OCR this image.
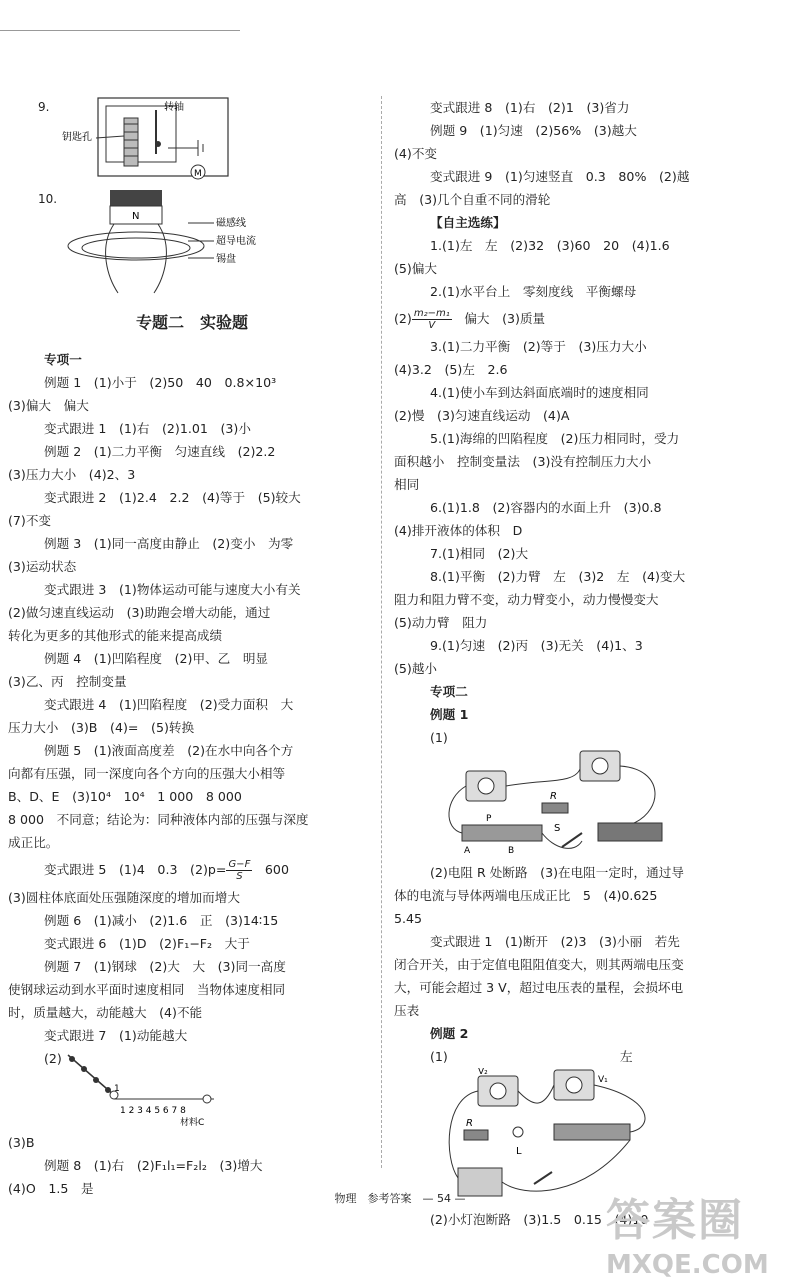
9.
M
钥匙孔
转轴
10.
N
磁感线
超导电流
锡盘
专题二　实验题
专项一
例题 1　(1)小于　(2)50　40　0.8×10³
(3)偏大　偏大
变式跟进 1　(1)右　(2)1.01　(3)小
例题 2　(1)二力平衡　匀速直线　(2)2.2
(3)压力大小　(4)2、3
变式跟进 2　(1)2.4　2.2　(4)等于　(5)较大
(7)不变
例题 3　(1)同一高度由静止　(2)变小　为零
(3)运动状态
变式跟进 3　(1)物体运动可能与速度大小有关
(2)做匀速直线运动　(3)助跑会增大动能，通过
转化为更多的其他形式的能来提高成绩
例题 4　(1)凹陷程度　(2)甲、乙　明显
(3)乙、丙　控制变量
变式跟进 4　(1)凹陷程度　(2)受力面积　大
压力大小　(3)B　(4)=　(5)转换
例题 5　(1)液面高度差　(2)在水中向各个方
向都有压强，同一深度向各个方向的压强大小相等
B、D、E　(3)10⁴　10⁴　1 000　8 000
8 000　不同意；结论为：同种液体内部的压强与深度
成正比。
变式跟进 5　(1)4　0.3　$(2)p= \frac{G-F}{S}$ 　600
(3)圆柱体底面处压强随深度的增加而增大
例题 6　(1)减小　(2)1.6　正　(3)14∶15
变式跟进 6　(1)D　(2)F₁−F₂　大于
例题 7　(1)钢球　(2)大　大　(3)同一高度
使钢球运动到水平面时速度相同　当物体速度相同
时，质量越大，动能越大　(4)不能
变式跟进 7　(1)动能越大
(2)
1
1 2 3 4 5 6 7 8
材料C
(3)B
例题 8　(1)右　(2)F₁l₁=F₂l₂　(3)增大
(4)O　1.5　是
变式跟进 8　(1)右　(2)1　(3)省力
例题 9　(1)匀速　(2)56%　(3)越大
(4)不变
变式跟进 9　(1)匀速竖直　0.3　80%　(2)越
高　(3)几个自重不同的滑轮
【自主选练】
1.(1)左　左　(2)32　(3)60　20　(4)1.6
(5)偏大
2.(1)水平台上　零刻度线　平衡螺母
$(2) \frac{\text{m₂−m₁}}{V}$ 　偏大　(3)质量
3.(1)二力平衡　(2)等于　(3)压力大小
(4)3.2　(5)左　2.6
4.(1)使小车到达斜面底端时的速度相同
(2)慢　(3)匀速直线运动　(4)A
5.(1)海绵的凹陷程度　(2)压力相同时，受力
面积越小　控制变量法　(3)没有控制压力大小
相同
6.(1)1.8　(2)容器内的水面上升　(3)0.8
(4)排开液体的体积　D
7.(1)相同　(2)大
8.(1)平衡　(2)力臂　左　(3)2　左　(4)变大
阻力和阻力臂不变，动力臂变小，动力慢慢变大
(5)动力臂　阻力
9.(1)匀速　(2)丙　(3)无关　(4)1、3
(5)越小
专项二
例题 1
(1)
R
P
A	B
S
(2)电阻 R 处断路　(3)在电阻一定时，通过导
体的电流与导体两端电压成正比　5　(4)0.625
5.45
变式跟进 1　(1)断开　(2)3　(3)小丽　若先
闭合开关，由于定值电阻阻值变大，则其两端电压变
大，可能会超过 3 V，超过电压表的量程，会损坏电
压表
例题 2
(1)	左
V₂
V₁
R
L
(2)小灯泡断路　(3)1.5　0.15　(4)10
物理　参考答案　— 54 —	答案圈
MXQE.COM
